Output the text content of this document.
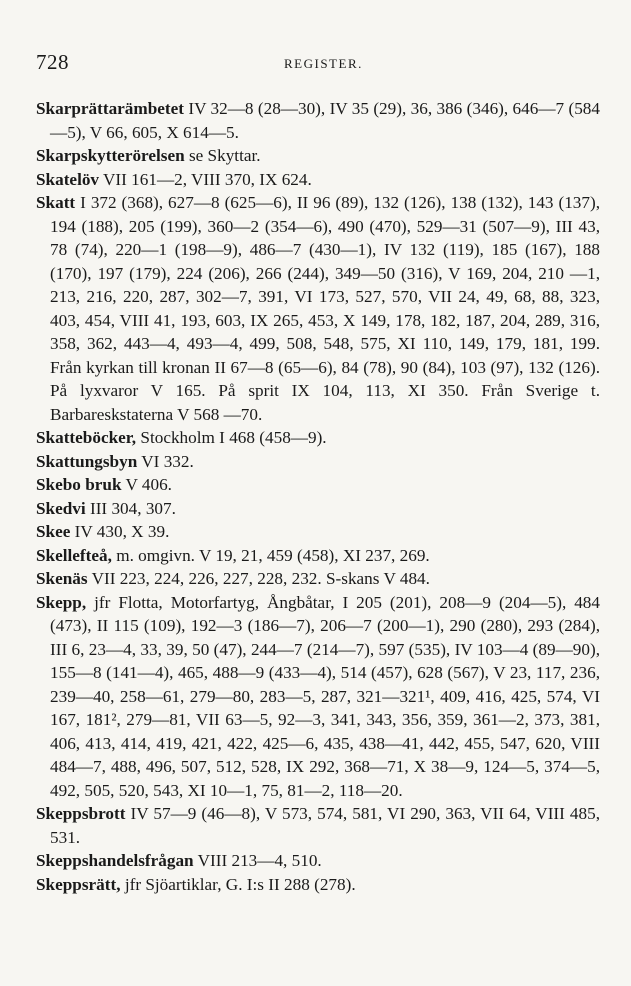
728	REGISTER.

Skarprättarämbetet IV 32—8 (28—30), IV 35 (29), 36, 386 (346), 646—7 (584—5), V 66, 605, X 614—5.

Skarpskytterörelsen se Skyttar.

Skatelöv VII 161—2, VIII 370, IX 624.

Skatt I 372 (368), 627—8 (625—6), II 96 (89), 132 (126), 138 (132), 143 (137), 194 (188), 205 (199), 360—2 (354—6), 490 (470), 529—31 (507—9), III 43, 78 (74), 220—1 (198—9), 486—7 (430—1), IV 132 (119), 185 (167), 188 (170), 197 (179), 224 (206), 266 (244), 349—50 (316), V 169, 204, 210 —1, 213, 216, 220, 287, 302—7, 391, VI 173, 527, 570, VII 24, 49, 68, 88, 323, 403, 454, VIII 41, 193, 603, IX 265, 453, X 149, 178, 182, 187, 204, 289, 316, 358, 362, 443—4, 493—4, 499, 508, 548, 575, XI 110, 149, 179, 181, 199. Från kyrkan till kronan II 67—8 (65—6), 84 (78), 90 (84), 103 (97), 132 (126). På lyxvaror V 165. På sprit IX 104, 113, XI 350. Från Sverige t. Barbareskstaterna V 568 —70.

Skatteböcker, Stockholm I 468 (458—9).

Skattungsbyn VI 332.

Skebo bruk V 406.

Skedvi III 304, 307.

Skee IV 430, X 39.

Skellefteå, m. omgivn. V 19, 21, 459 (458), XI 237, 269.

Skenäs VII 223, 224, 226, 227, 228, 232. S-skans V 484.

Skepp, jfr Flotta, Motorfartyg, Ångbåtar, I 205 (201), 208—9 (204—5), 484 (473), II 115 (109), 192—3 (186—7), 206—7 (200—1), 290 (280), 293 (284), III 6, 23—4, 33, 39, 50 (47), 244—7 (214—7), 597 (535), IV 103—4 (89—90), 155—8 (141—4), 465, 488—9 (433—4), 514 (457), 628 (567), V 23, 117, 236, 239—40, 258—61, 279—80, 283—5, 287, 321—321¹, 409, 416, 425, 574, VI 167, 181², 279—81, VII 63—5, 92—3, 341, 343, 356, 359, 361—2, 373, 381, 406, 413, 414, 419, 421, 422, 425—6, 435, 438—41, 442, 455, 547, 620, VIII 484—7, 488, 496, 507, 512, 528, IX 292, 368—71, X 38—9, 124—5, 374—5, 492, 505, 520, 543, XI 10—1, 75, 81—2, 118—20.

Skeppsbrott IV 57—9 (46—8), V 573, 574, 581, VI 290, 363, VII 64, VIII 485, 531.

Skeppshandelsfrågan VIII 213—4, 510.

Skeppsrätt, jfr Sjöartiklar, G. I:s II 288 (278).
